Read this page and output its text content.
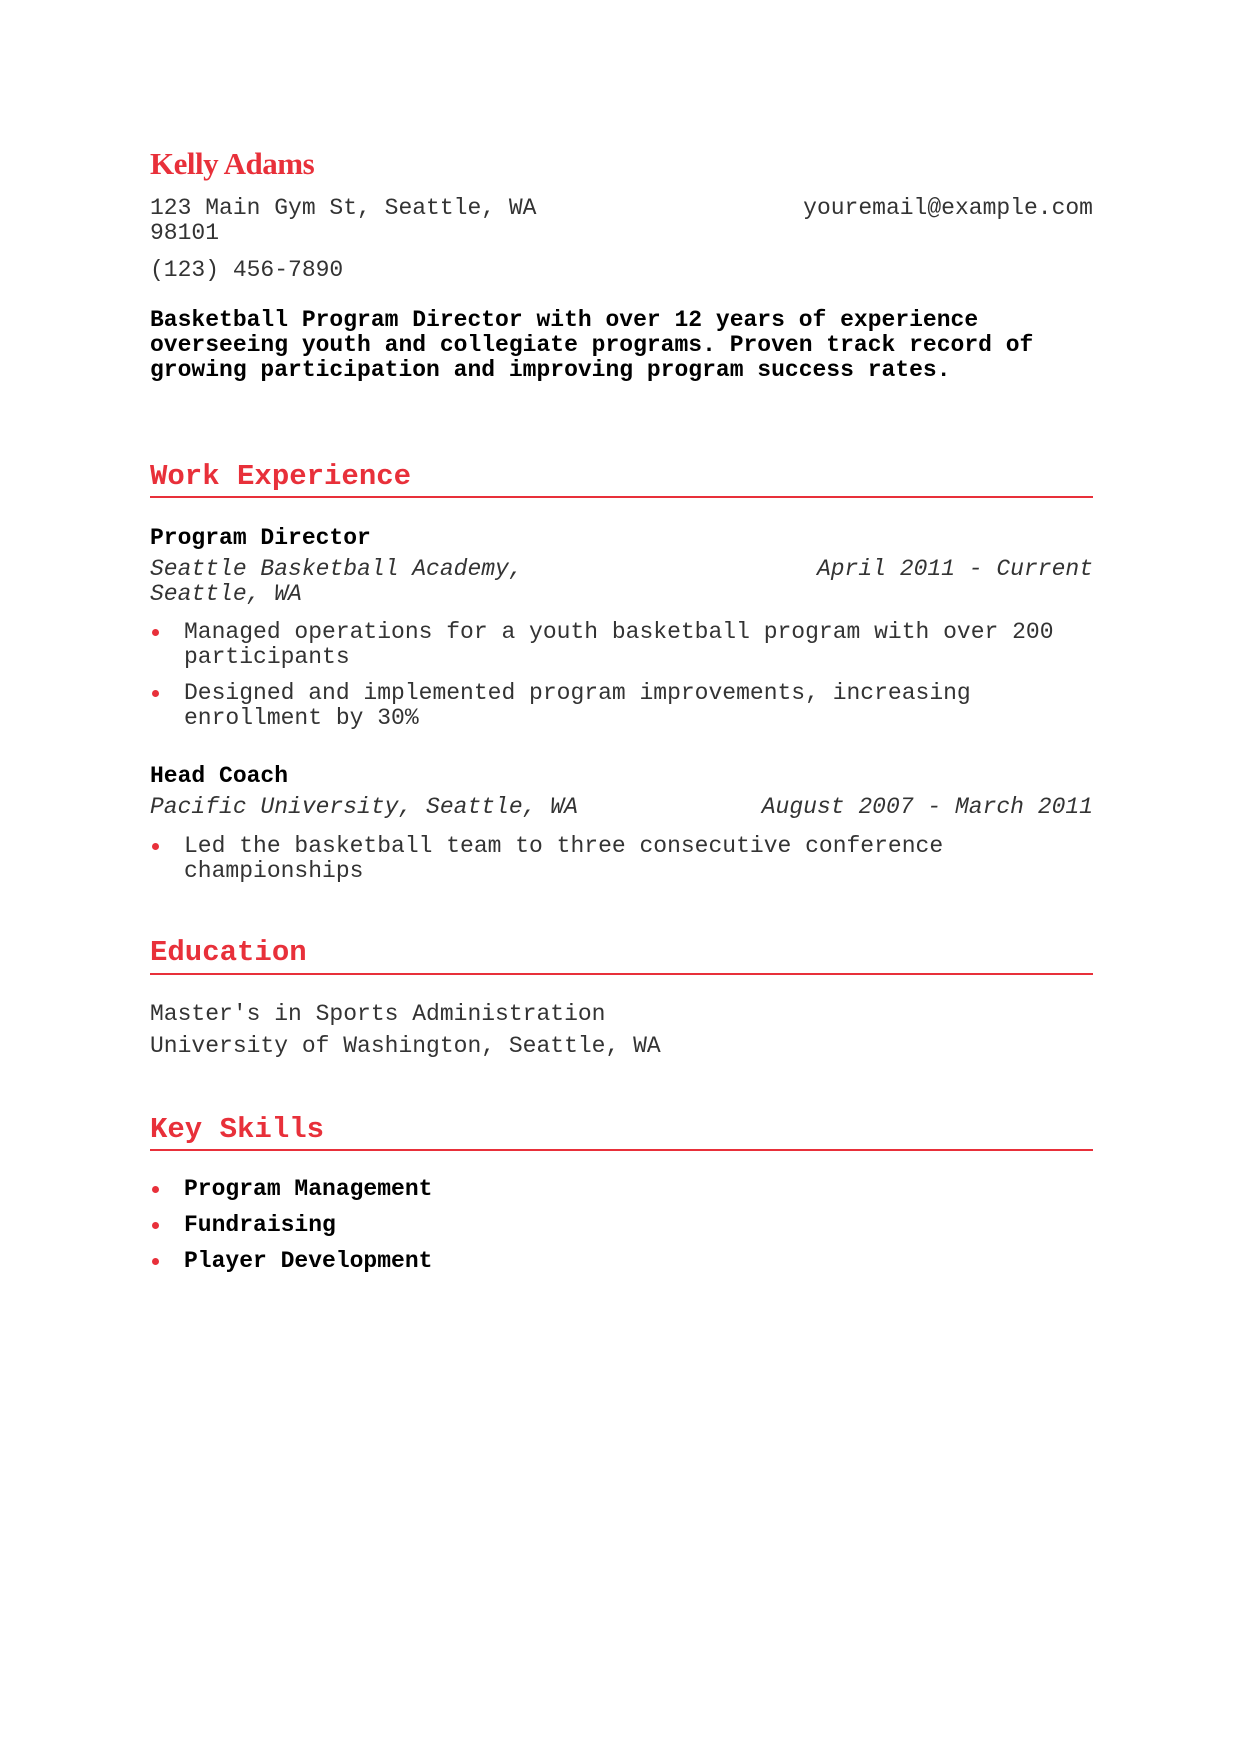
Kelly Adams
123 Main Gym St, Seattle, WA
98101
youremail@example.com
(123) 456-7890
Basketball Program Director with over 12 years of experience
overseeing youth and collegiate programs. Proven track record of
growing participation and improving program success rates.
Work Experience
Program Director
Seattle Basketball Academy,
Seattle, WA
April 2011 - Current
Managed operations for a youth basketball program with over 200
participants
Designed and implemented program improvements, increasing
enrollment by 30%
Head Coach
Pacific University, Seattle, WA	August 2007 - March 2011
Led the basketball team to three consecutive conference
championships
Education
Master's in Sports Administration
University of Washington, Seattle, WA
Key Skills
Program Management
Fundraising
Player Development
